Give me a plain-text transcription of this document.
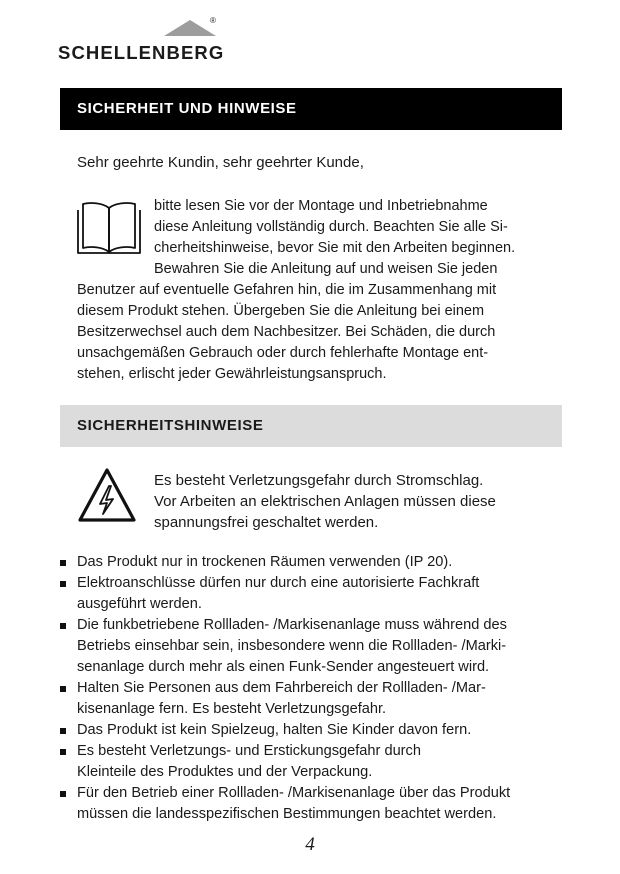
®
SCHELLENBERG
SICHERHEIT UND HINWEISE
Sehr geehrte Kundin, sehr geehrter Kunde,
bitte lesen Sie vor der Montage und Inbetriebnahme
diese Anleitung vollständig durch. Beachten Sie alle Si-
cherheitshinweise, bevor Sie mit den Arbeiten beginnen.
Bewahren Sie die Anleitung auf und weisen Sie jeden
Benutzer auf eventuelle Gefahren hin, die im Zusammenhang mit
diesem Produkt stehen. Übergeben Sie die Anleitung bei einem
Besitzerwechsel auch dem Nachbesitzer. Bei Schäden, die durch
unsachgemäßen Gebrauch oder durch fehlerhafte Montage ent-
stehen, erlischt jeder Gewährleistungsanspruch.
SICHERHEITSHINWEISE
Es besteht Verletzungsgefahr durch Stromschlag.
Vor Arbeiten an elektrischen Anlagen müssen diese
spannungsfrei geschaltet werden.
Das Produkt nur in trockenen Räumen verwenden (IP 20).
Elektroanschlüsse dürfen nur durch eine autorisierte Fachkraft
ausgeführt werden.
Die funkbetriebene Rollladen- /Markisenanlage muss während des
Betriebs einsehbar sein, insbesondere wenn die Rollladen- /Marki-
senanlage durch mehr als einen Funk-Sender angesteuert wird.
Halten Sie Personen aus dem Fahrbereich der Rollladen- /Mar-
kisenanlage fern. Es besteht Verletzungsgefahr.
Das Produkt ist kein Spielzeug, halten Sie Kinder davon fern.
Es besteht Verletzungs- und Erstickungsgefahr durch
Kleinteile des Produktes und der Verpackung.
Für den Betrieb einer Rollladen- /Markisenanlage über das Produkt
müssen die landesspezifischen Bestimmungen beachtet werden.
4
